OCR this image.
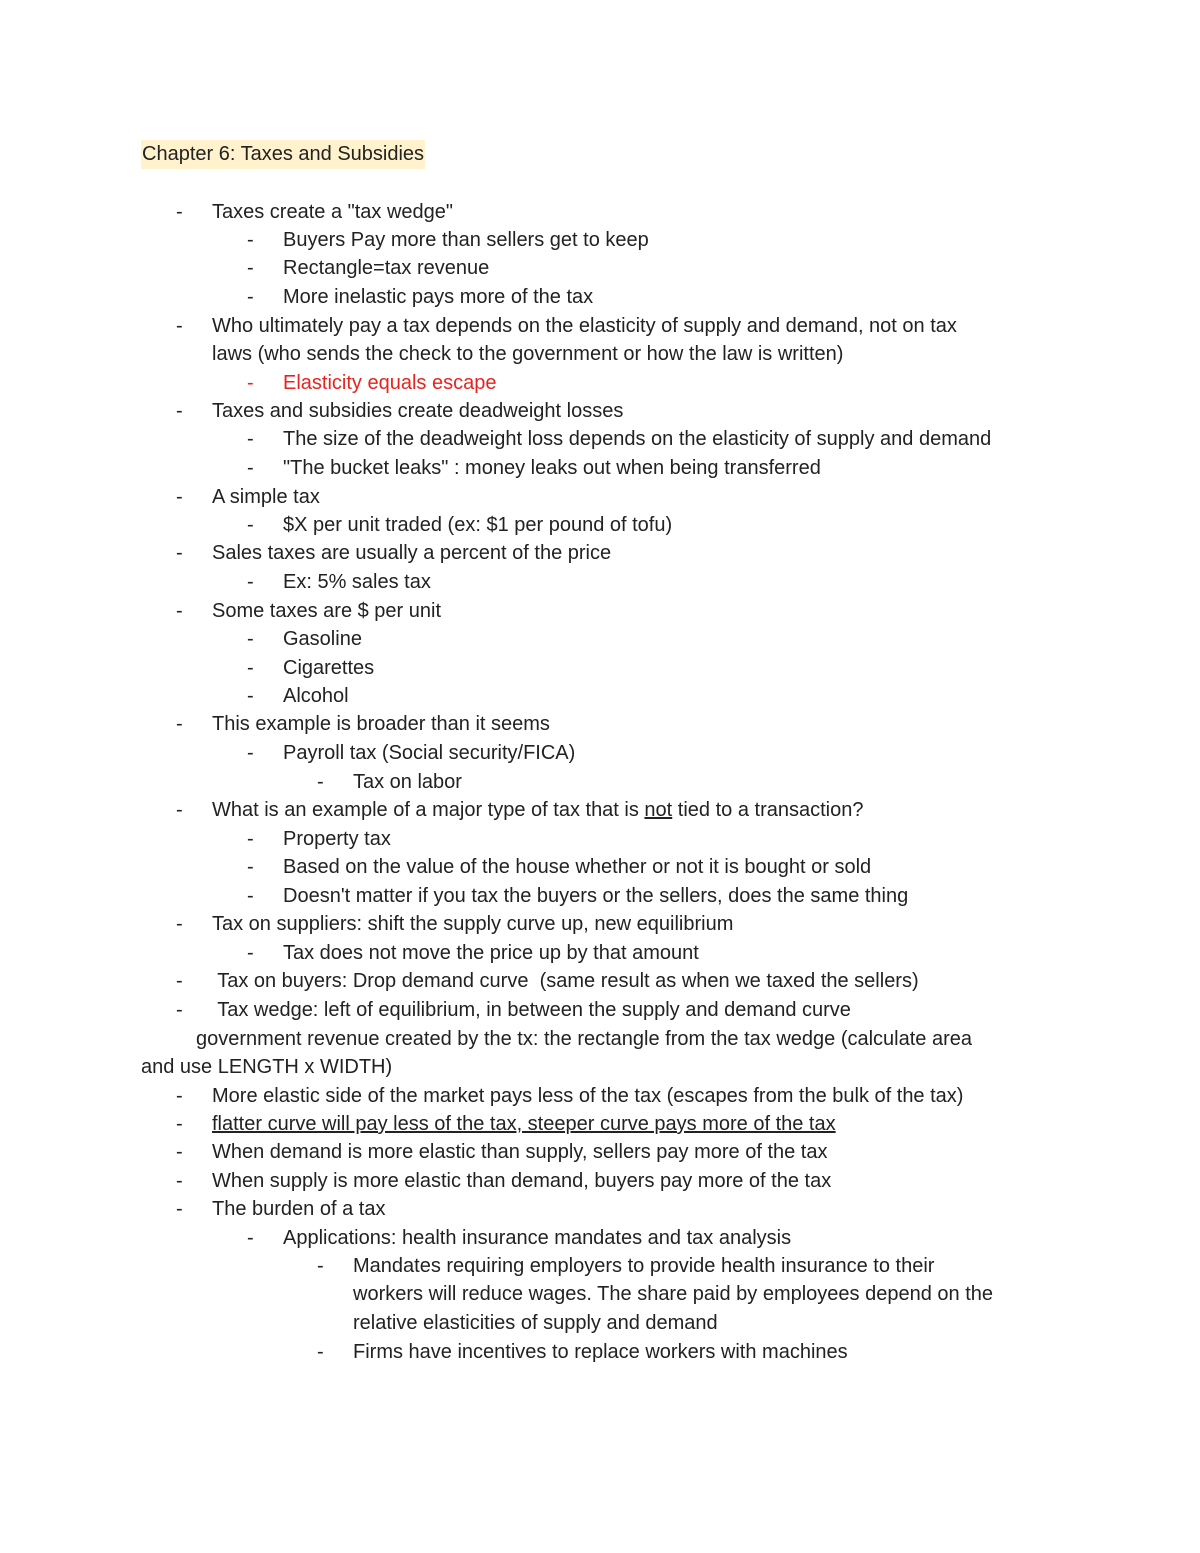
Chapter 6: Taxes and Subsidies
- Taxes create a "tax wedge"
- Buyers Pay more than sellers get to keep
- Rectangle=tax revenue
- More inelastic pays more of the tax
- Who ultimately pay a tax depends on the elasticity of supply and demand, not on tax
laws (who sends the check to the government or how the law is written)
- Elasticity equals escape
- Taxes and subsidies create deadweight losses
- The size of the deadweight loss depends on the elasticity of supply and demand
- "The bucket leaks" : money leaks out when being transferred
- A simple tax
- $X per unit traded (ex: $1 per pound of tofu)
- Sales taxes are usually a percent of the price
- Ex: 5% sales tax
- Some taxes are $ per unit
- Gasoline
- Cigarettes
- Alcohol
- This example is broader than it seems
- Payroll tax (Social security/FICA)
- Tax on labor
- What is an example of a major type of tax that is not tied to a transaction?
- Property tax
- Based on the value of the house whether or not it is bought or sold
- Doesn't matter if you tax the buyers or the sellers, does the same thing
- Tax on suppliers: shift the supply curve up, new equilibrium
- Tax does not move the price up by that amount
- Tax on buyers: Drop demand curve  (same result as when we taxed the sellers)
- Tax wedge: left of equilibrium, in between the supply and demand curve
government revenue created by the tx: the rectangle from the tax wedge (calculate area
and use LENGTH x WIDTH)
- More elastic side of the market pays less of the tax (escapes from the bulk of the tax)
- flatter curve will pay less of the tax, steeper curve pays more of the tax
- When demand is more elastic than supply, sellers pay more of the tax
- When supply is more elastic than demand, buyers pay more of the tax
- The burden of a tax
- Applications: health insurance mandates and tax analysis
- Mandates requiring employers to provide health insurance to their
workers will reduce wages. The share paid by employees depend on the
relative elasticities of supply and demand
- Firms have incentives to replace workers with machines
